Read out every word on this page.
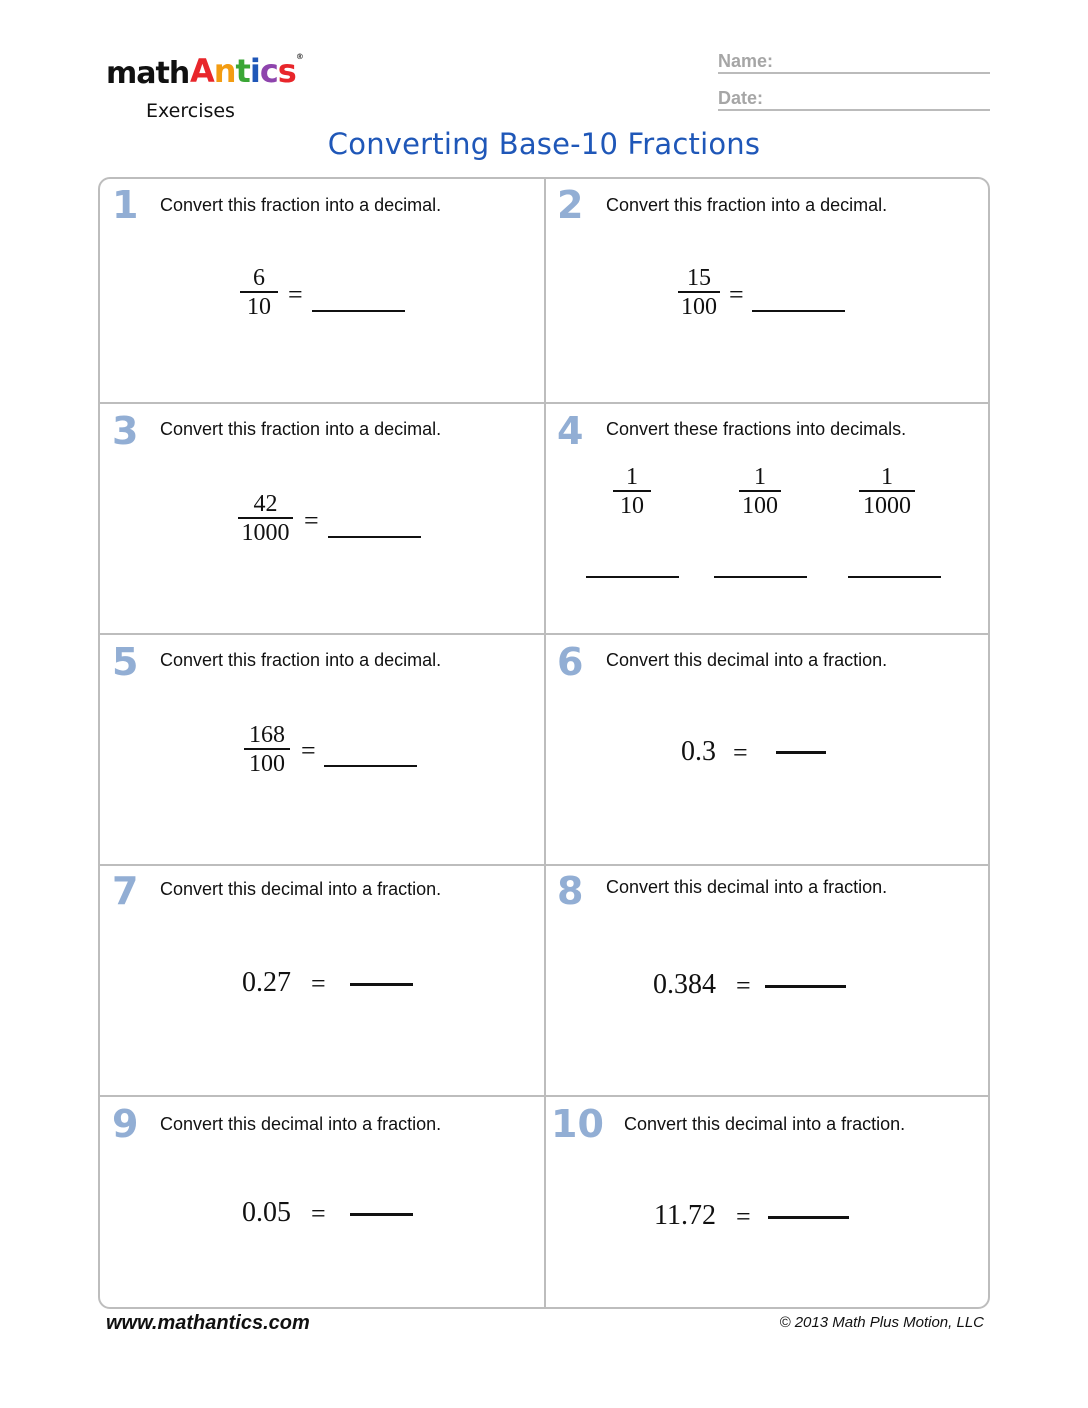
math Antics®
Exercises
Name:
Date:
Converting Base-10 Fractions
1 Convert this fraction into a decimal.
6
10 =
2 Convert this fraction into a decimal.
15
100 =
3 Convert this fraction into a decimal.
42
1000 =
4 Convert these fractions into decimals.
1
10
1
100
1
1000
5 Convert this fraction into a decimal.
168
100 =
6 Convert this decimal into a fraction.
0.3 =
7 Convert this decimal into a fraction.
0.27 =
8 Convert this decimal into a fraction.
0.384 =
9 Convert this decimal into a fraction.
0.05 =
10 Convert this decimal into a fraction.
11.72 =
www.mathantics.com	© 2013 Math Plus Motion, LLC
